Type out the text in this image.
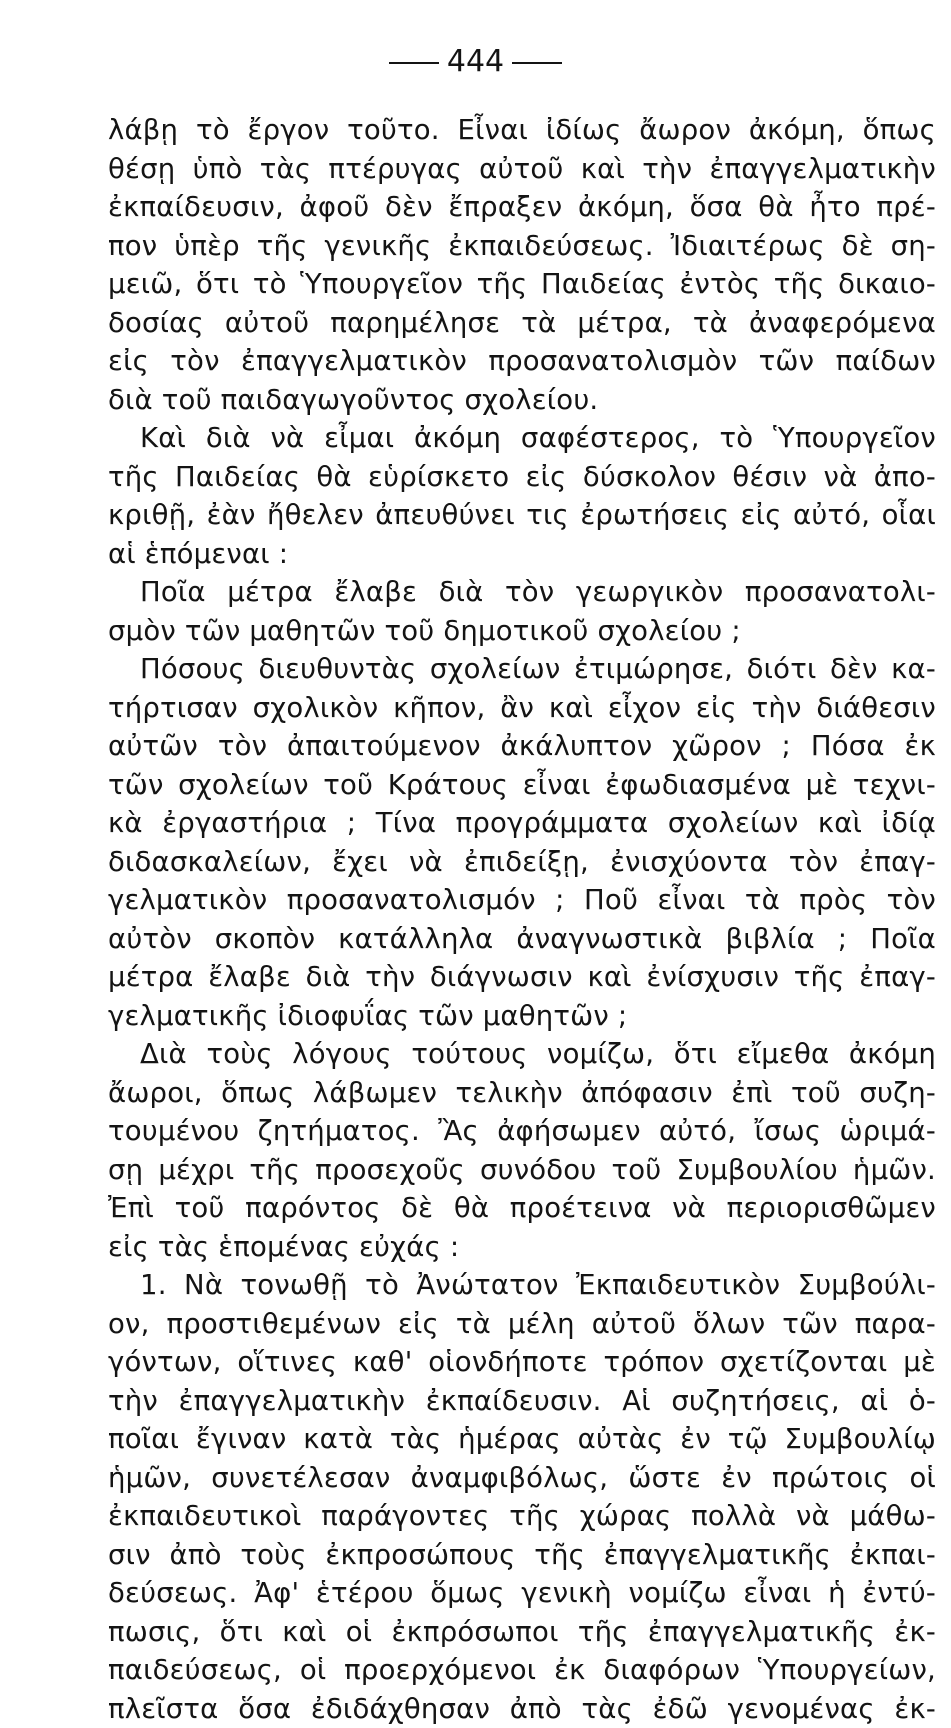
444
λάβῃ τὸ ἔργον τοῦτο. Εἶναι ἰδίως ἄωρον ἀκόμη, ὅπως
θέσῃ ὑπὸ τὰς πτέρυγας αὐτοῦ καὶ τὴν ἐπαγγελματικὴν
ἐκπαίδευσιν, ἀφοῦ δὲν ἔπραξεν ἀκόμη, ὅσα θὰ ἦτο πρέ-
πον ὑπὲρ τῆς γενικῆς ἐκπαιδεύσεως. Ἰδιαιτέρως δὲ ση-
μειῶ, ὅτι τὸ Ὑπουργεῖον τῆς Παιδείας ἐντὸς τῆς δικαιο-
δοσίας αὐτοῦ παρημέλησε τὰ μέτρα, τὰ ἀναφερόμενα
εἰς τὸν ἐπαγγελματικὸν προσανατολισμὸν τῶν παίδων
διὰ τοῦ παιδαγωγοῦντος σχολείου.
Καὶ διὰ νὰ εἶμαι ἀκόμη σαφέστερος, τὸ Ὑπουργεῖον
τῆς Παιδείας θὰ εὑρίσκετο εἰς δύσκολον θέσιν νὰ ἀπο-
κριθῇ, ἐὰν ἤθελεν ἀπευθύνει τις ἐρωτήσεις εἰς αὐτό, οἷαι
αἱ ἑπόμεναι :
Ποῖα μέτρα ἔλαβε διὰ τὸν γεωργικὸν προσανατολι-
σμὸν τῶν μαθητῶν τοῦ δημοτικοῦ σχολείου ;
Πόσους διευθυντὰς σχολείων ἐτιμώρησε, διότι δὲν κα-
τήρτισαν σχολικὸν κῆπον, ἂν καὶ εἶχον εἰς τὴν διάθεσιν
αὐτῶν τὸν ἀπαιτούμενον ἀκάλυπτον χῶρον ; Πόσα ἐκ
τῶν σχολείων τοῦ Κράτους εἶναι ἐφωδιασμένα μὲ τεχνι-
κὰ ἐργαστήρια ; Τίνα προγράμματα σχολείων καὶ ἰδίᾳ
διδασκαλείων, ἔχει νὰ ἐπιδείξῃ, ἐνισχύοντα τὸν ἐπαγ-
γελματικὸν προσανατολισμόν ; Ποῦ εἶναι τὰ πρὸς τὸν
αὐτὸν σκοπὸν κατάλληλα ἀναγνωστικὰ βιβλία ; Ποῖα
μέτρα ἔλαβε διὰ τὴν διάγνωσιν καὶ ἐνίσχυσιν τῆς ἐπαγ-
γελματικῆς ἰδιοφυΐας τῶν μαθητῶν ;
Διὰ τοὺς λόγους τούτους νομίζω, ὅτι εἴμεθα ἀκόμη
ἄωροι, ὅπως λάβωμεν τελικὴν ἀπόφασιν ἐπὶ τοῦ συζη-
τουμένου ζητήματος. Ἂς ἀφήσωμεν αὐτό, ἴσως ὡριμά-
σῃ μέχρι τῆς προσεχοῦς συνόδου τοῦ Συμβουλίου ἡμῶν.
Ἐπὶ τοῦ παρόντος δὲ θὰ προέτεινα νὰ περιορισθῶμεν
εἰς τὰς ἑπομένας εὐχάς :
1. Νὰ τονωθῇ τὸ Ἀνώτατον Ἐκπαιδευτικὸν Συμβούλι-
ον, προστιθεμένων εἰς τὰ μέλη αὐτοῦ ὅλων τῶν παρα-
γόντων, οἵτινες καθ' οἱονδήποτε τρόπον σχετίζονται μὲ
τὴν ἐπαγγελματικὴν ἐκπαίδευσιν. Αἱ συζητήσεις, αἱ ὁ-
ποῖαι ἔγιναν κατὰ τὰς ἡμέρας αὐτὰς ἐν τῷ Συμβουλίῳ
ἡμῶν, συνετέλεσαν ἀναμφιβόλως, ὥστε ἐν πρώτοις οἱ
ἐκπαιδευτικοὶ παράγοντες τῆς χώρας πολλὰ νὰ μάθω-
σιν ἀπὸ τοὺς ἐκπροσώπους τῆς ἐπαγγελματικῆς ἐκπαι-
δεύσεως. Ἀφ' ἑτέρου ὅμως γενικὴ νομίζω εἶναι ἡ ἐντύ-
πωσις, ὅτι καὶ οἱ ἐκπρόσωποι τῆς ἐπαγγελματικῆς ἐκ-
παιδεύσεως, οἱ προερχόμενοι ἐκ διαφόρων Ὑπουργείων,
πλεῖστα ὅσα ἐδιδάχθησαν ἀπὸ τὰς ἐδῶ γενομένας ἐκ-
